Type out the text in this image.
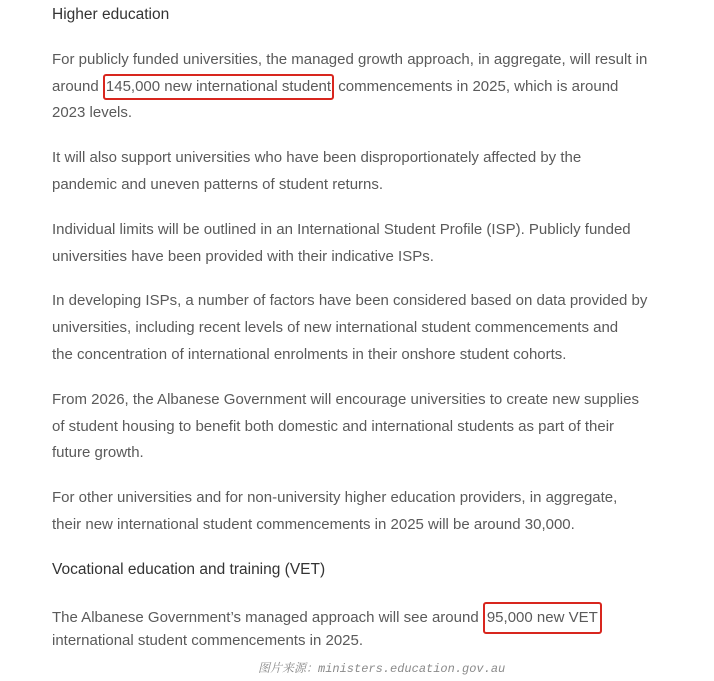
Higher education
For publicly funded universities, the managed growth approach, in aggregate, will result in
around 145,000 new international student commencements in 2025, which is around
2023 levels.
It will also support universities who have been disproportionately affected by the
pandemic and uneven patterns of student returns.
Individual limits will be outlined in an International Student Profile (ISP). Publicly funded
universities have been provided with their indicative ISPs.
In developing ISPs, a number of factors have been considered based on data provided by
universities, including recent levels of new international student commencements and
the concentration of international enrolments in their onshore student cohorts.
From 2026, the Albanese Government will encourage universities to create new supplies
of student housing to benefit both domestic and international students as part of their
future growth.
For other universities and for non-university higher education providers, in aggregate,
their new international student commencements in 2025 will be around 30,000.
Vocational education and training (VET)
The Albanese Government’s managed approach will see around 95,000 new VET
international student commencements in 2025.
图片来源：ministers.education.gov.au
